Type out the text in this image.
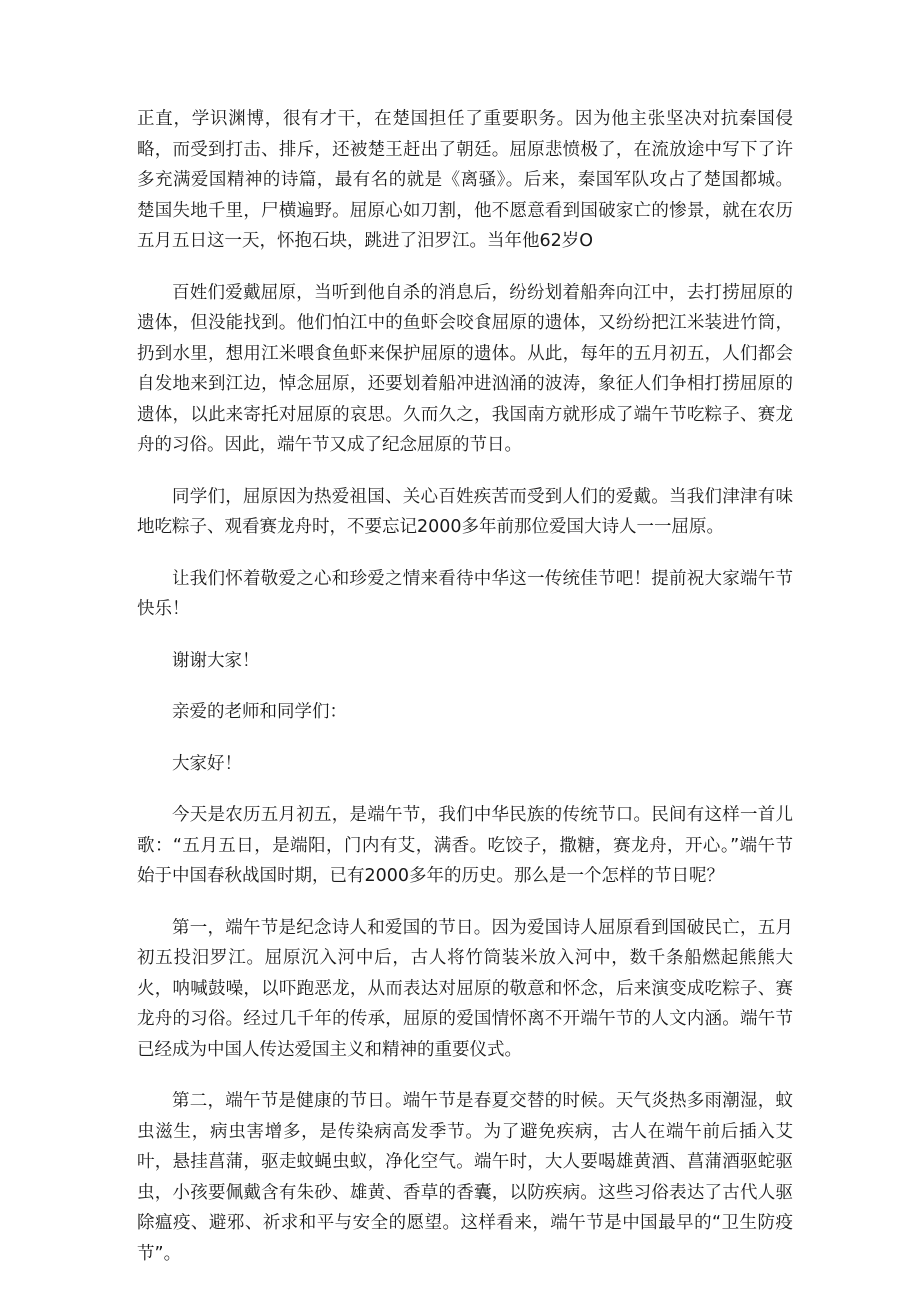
正直，学识渊博，很有才干，在楚国担任了重要职务。因为他主张坚决对抗秦国侵略，而受到打击、排斥，还被楚王赶出了朝廷。屈原悲愤极了，在流放途中写下了许多充满爱国精神的诗篇，最有名的就是《离骚》。后来，秦国军队攻占了楚国都城。楚国失地千里，尸横遍野。屈原心如刀割，他不愿意看到国破家亡的惨景，就在农历五月五日这一天，怀抱石块，跳进了汨罗江。当年他62岁O

百姓们爱戴屈原，当听到他自杀的消息后，纷纷划着船奔向江中，去打捞屈原的遗体，但没能找到。他们怕江中的鱼虾会咬食屈原的遗体，又纷纷把江米装进竹筒，扔到水里，想用江米喂食鱼虾来保护屈原的遗体。从此，每年的五月初五，人们都会自发地来到江边，悼念屈原，还要划着船冲进汹涌的波涛，象征人们争相打捞屈原的遗体，以此来寄托对屈原的哀思。久而久之，我国南方就形成了端午节吃粽子、赛龙舟的习俗。因此，端午节又成了纪念屈原的节日。

同学们，屈原因为热爱祖国、关心百姓疾苦而受到人们的爱戴。当我们津津有味地吃粽子、观看赛龙舟时，不要忘记2000多年前那位爱国大诗人一一屈原。

让我们怀着敬爱之心和珍爱之情来看待中华这一传统佳节吧！提前祝大家端午节快乐！

谢谢大家！

亲爱的老师和同学们：

大家好！

今天是农历五月初五，是端午节，我们中华民族的传统节口。民间有这样一首儿歌：“五月五日，是端阳，门内有艾，满香。吃饺子，撒糖，赛龙舟，开心。”端午节始于中国春秋战国时期，已有2000多年的历史。那么是一个怎样的节日呢？

第一，端午节是纪念诗人和爱国的节日。因为爱国诗人屈原看到国破民亡，五月初五投汨罗江。屈原沉入河中后，古人将竹筒装米放入河中，数千条船燃起熊熊大火，呐喊鼓噪，以吓跑恶龙，从而表达对屈原的敬意和怀念，后来演变成吃粽子、赛龙舟的习俗。经过几千年的传承，屈原的爱国情怀离不开端午节的人文内涵。端午节已经成为中国人传达爱国主义和精神的重要仪式。

第二，端午节是健康的节日。端午节是春夏交替的时候。天气炎热多雨潮湿，蚊虫滋生，病虫害增多，是传染病高发季节。为了避免疾病，古人在端午前后插入艾叶，悬挂菖蒲，驱走蚊蝇虫蚁，净化空气。端午时，大人要喝雄黄酒、菖蒲酒驱蛇驱虫，小孩要佩戴含有朱砂、雄黄、香草的香囊，以防疾病。这些习俗表达了古代人驱除瘟疫、避邪、祈求和平与安全的愿望。这样看来，端午节是中国最早的“卫生防疫节”。
